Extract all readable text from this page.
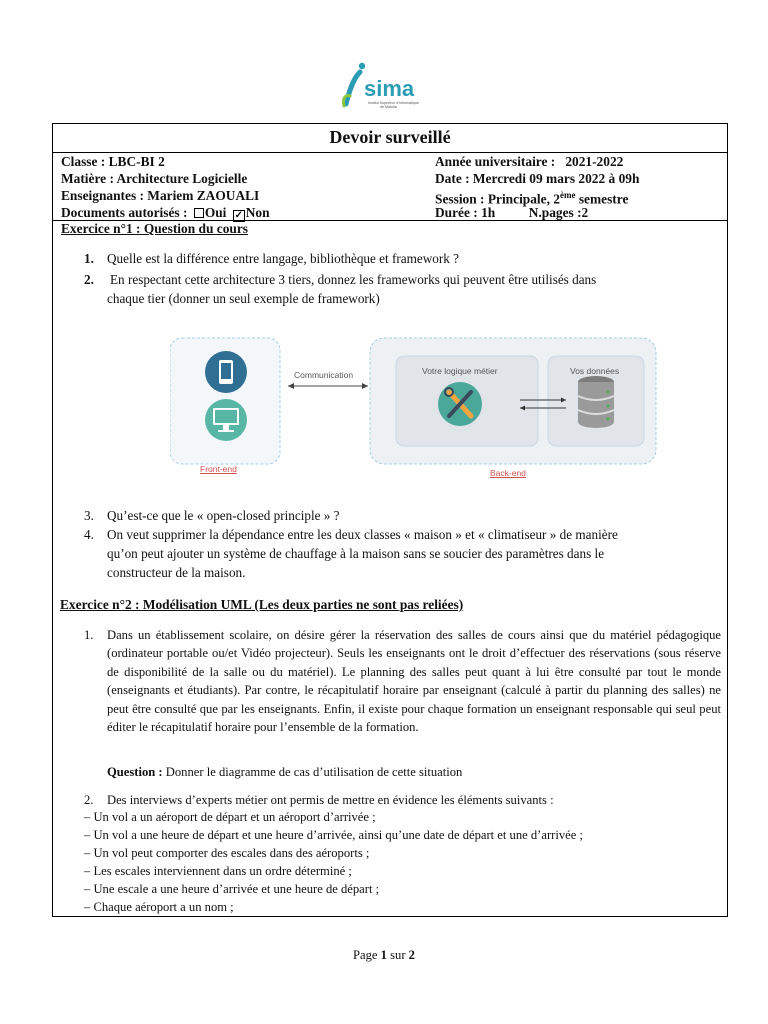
sima
Institut Supérieur d'Informatique
de Mahdia
Devoir surveillé
Classe : LBC-BI 2
Matière : Architecture Logicielle
Enseignantes : Mariem ZAOUALI
Documents autorisés : Oui ✓ Non
Année universitaire : 2021-2022
Date : Mercredi 09 mars 2022 à 09h
Session : Principale, 2ème semestre
Durée : 1h N.pages :2
Exercice n°1 : Question du cours
1. Quelle est la différence entre langage, bibliothèque et framework ?
2. En respectant cette architecture 3 tiers, donnez les frameworks qui peuvent être utilisés dans
chaque tier (donner un seul exemple de framework)
Communication	Votre logique métier	Vos données
Front-end	Back-end
3. Qu’est-ce que le « open-closed principle » ?
4. On veut supprimer la dépendance entre les deux classes « maison » et « climatiseur » de manière
qu’on peut ajouter un système de chauffage à la maison sans se soucier des paramètres dans le
constructeur de la maison.
Exercice n°2 : Modélisation UML (Les deux parties ne sont pas reliées)
1. Dans un établissement scolaire, on désire gérer la réservation des salles de cours ainsi que du matériel pédagogique (ordinateur portable ou/et Vidéo projecteur). Seuls les enseignants ont le droit d’effectuer des réservations (sous réserve de disponibilité de la salle ou du matériel). Le planning des salles peut quant à lui être consulté par tout le monde (enseignants et étudiants). Par contre, le récapitulatif horaire par enseignant (calculé à partir du planning des salles) ne peut être consulté que par les enseignants. Enfin, il existe pour chaque formation un enseignant responsable qui seul peut éditer le récapitulatif horaire pour l’ensemble de la formation.
Question : Donner le diagramme de cas d’utilisation de cette situation
2. Des interviews d’experts métier ont permis de mettre en évidence les éléments suivants :
– Un vol a un aéroport de départ et un aéroport d’arrivée ;
– Un vol a une heure de départ et une heure d’arrivée, ainsi qu’une date de départ et une d’arrivée ;
– Un vol peut comporter des escales dans des aéroports ;
– Les escales interviennent dans un ordre déterminé ;
– Une escale a une heure d’arrivée et une heure de départ ;
– Chaque aéroport a un nom ;
Page 1 sur 2
